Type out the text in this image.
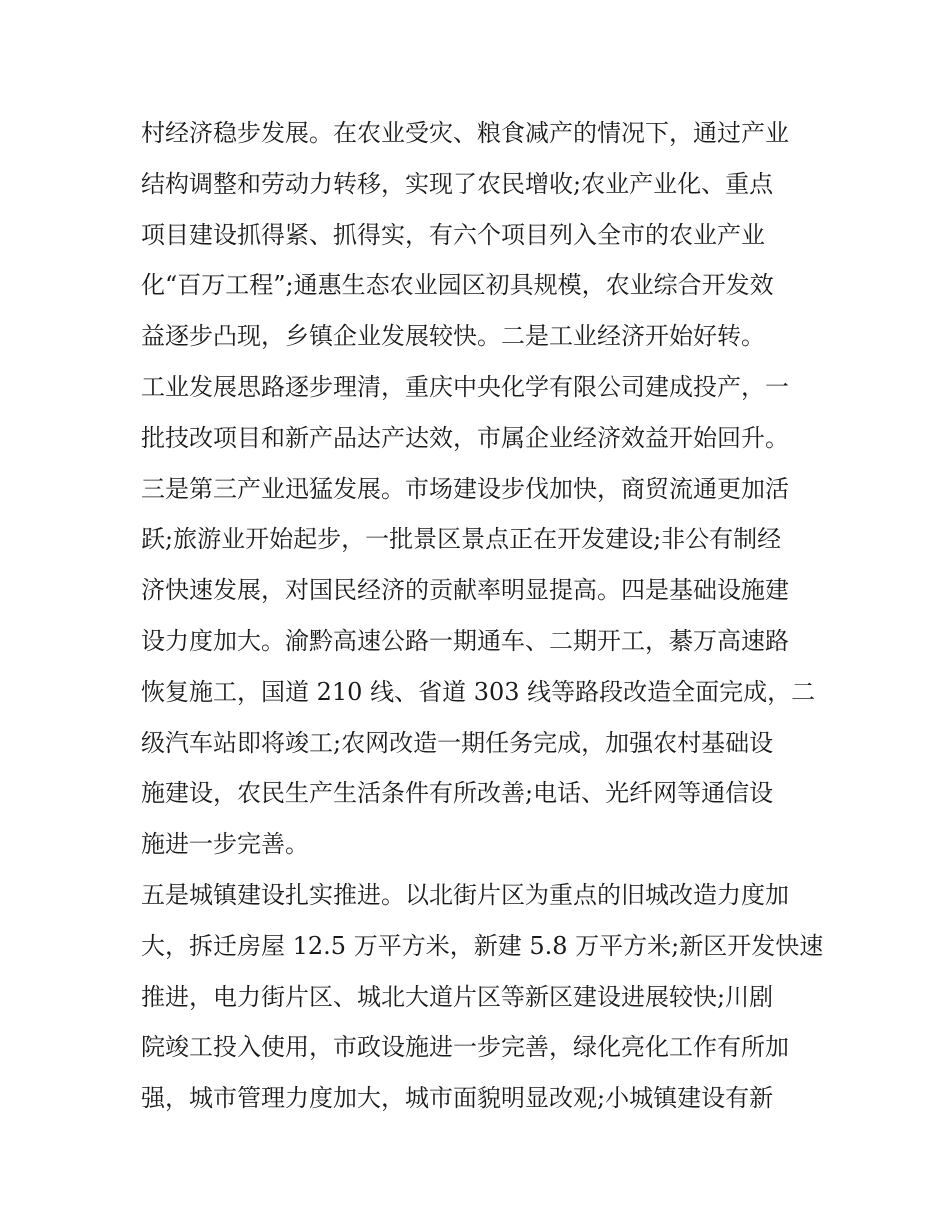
村经济稳步发展。在农业受灾、粮食减产的情况下，通过产业
结构调整和劳动力转移，实现了农民增收;农业产业化、重点
项目建设抓得紧、抓得实，有六个项目列入全市的农业产业
化“百万工程”;通惠生态农业园区初具规模，农业综合开发效
益逐步凸现，乡镇企业发展较快。二是工业经济开始好转。
工业发展思路逐步理清，重庆中央化学有限公司建成投产，一
批技改项目和新产品达产达效，市属企业经济效益开始回升。
三是第三产业迅猛发展。市场建设步伐加快，商贸流通更加活
跃;旅游业开始起步，一批景区景点正在开发建设;非公有制经
济快速发展，对国民经济的贡献率明显提高。四是基础设施建
设力度加大。渝黔高速公路一期通车、二期开工，綦万高速路
恢复施工，国道 210 线、省道 303 线等路段改造全面完成，二
级汽车站即将竣工;农网改造一期任务完成，加强农村基础设
施建设，农民生产生活条件有所改善;电话、光纤网等通信设
施进一步完善。
五是城镇建设扎实推进。以北街片区为重点的旧城改造力度加
大，拆迁房屋 12.5 万平方米，新建 5.8 万平方米;新区开发快速
推进，电力街片区、城北大道片区等新区建设进展较快;川剧
院竣工投入使用，市政设施进一步完善，绿化亮化工作有所加
强，城市管理力度加大，城市面貌明显改观;小城镇建设有新
